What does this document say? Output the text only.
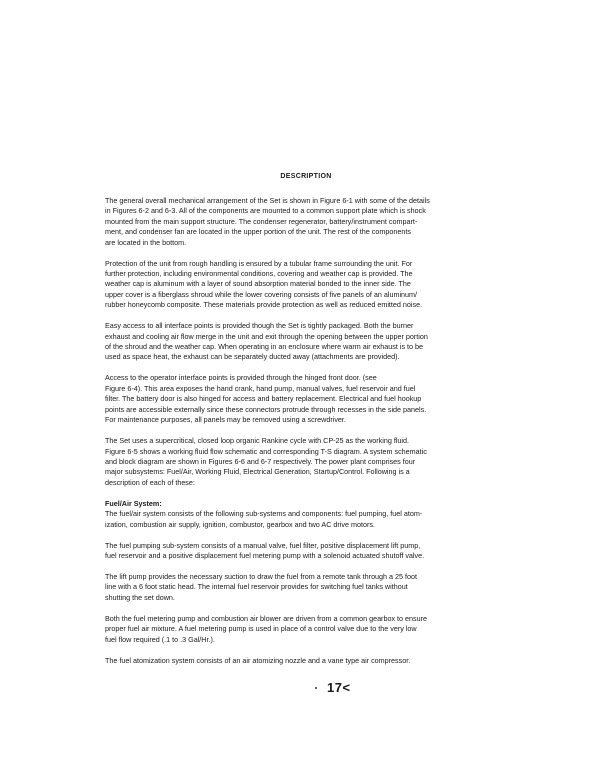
DESCRIPTION
The general overall mechanical arrangement of the Set is shown in Figure 6-1 with some of the details
in Figures 6-2 and 6-3. All of the components are mounted to a common support plate which is shock
mounted from the main support structure. The condenser regenerator, battery/instrument compart-
ment, and condenser fan are located in the upper portion of the unit. The rest of the components
are located in the bottom.
Protection of the unit from rough handling is ensured by a tubular frame surrounding the unit. For
further protection, including environmental conditions, covering and weather cap is provided. The
weather cap is aluminum with a layer of sound absorption material bonded to the inner side. The
upper cover is a fiberglass shroud while the lower covering consists of five panels of an aluminum/
rubber honeycomb composite. These materials provide protection as well as reduced emitted noise.
Easy access to all interface points is provided though the Set is tightly packaged. Both the burner
exhaust and cooling air flow merge in the unit and exit through the opening between the upper portion
of the shroud and the weather cap. When operating in an enclosure where warm air exhaust is to be
used as space heat, the exhaust can be separately ducted away (attachments are provided).
Access to the operator interface points is provided through the hinged front door. (see
Figure 6-4). This area exposes the hand crank, hand pump, manual valves, fuel reservoir and fuel
filter. The battery door is also hinged for access and battery replacement. Electrical and fuel hookup
points are accessible externally since these connectors protrude through recesses in the side panels.
For maintenance purposes, all panels may be removed using a screwdriver.
The Set uses a supercritical, closed loop organic Rankine cycle with CP-25 as the working fluid.
Figure 6-5 shows a working fluid flow schematic and corresponding T-S diagram. A system schematic
and block diagram are shown in Figures 6-6 and 6-7 respectively. The power plant comprises four
major subsystems: Fuel/Air, Working Fluid, Electrical Generation, Startup/Control. Following is a
description of each of these:
Fuel/Air System:
The fuel/air system consists of the following sub-systems and components: fuel pumping, fuel atom-
ization, combustion air supply, ignition, combustor, gearbox and two AC drive motors.
The fuel pumping sub-system consists of a manual valve, fuel filter, positive displacement lift pump,
fuel reservoir and a positive displacement fuel metering pump with a solenoid actuated shutoff valve.
The lift pump provides the necessary suction to draw the fuel from a remote tank through a 25 foot
line with a 6 foot static head. The internal fuel reservoir provides for switching fuel tanks without
shutting the set down.
Both the fuel metering pump and combustion air blower are driven from a common gearbox to ensure
proper fuel air mixture. A fuel metering pump is used in place of a control valve due to the very low
fuel flow required (.1 to .3 Gal/Hr.).
The fuel atomization system consists of an air atomizing nozzle and a vane type air compressor.
17<
